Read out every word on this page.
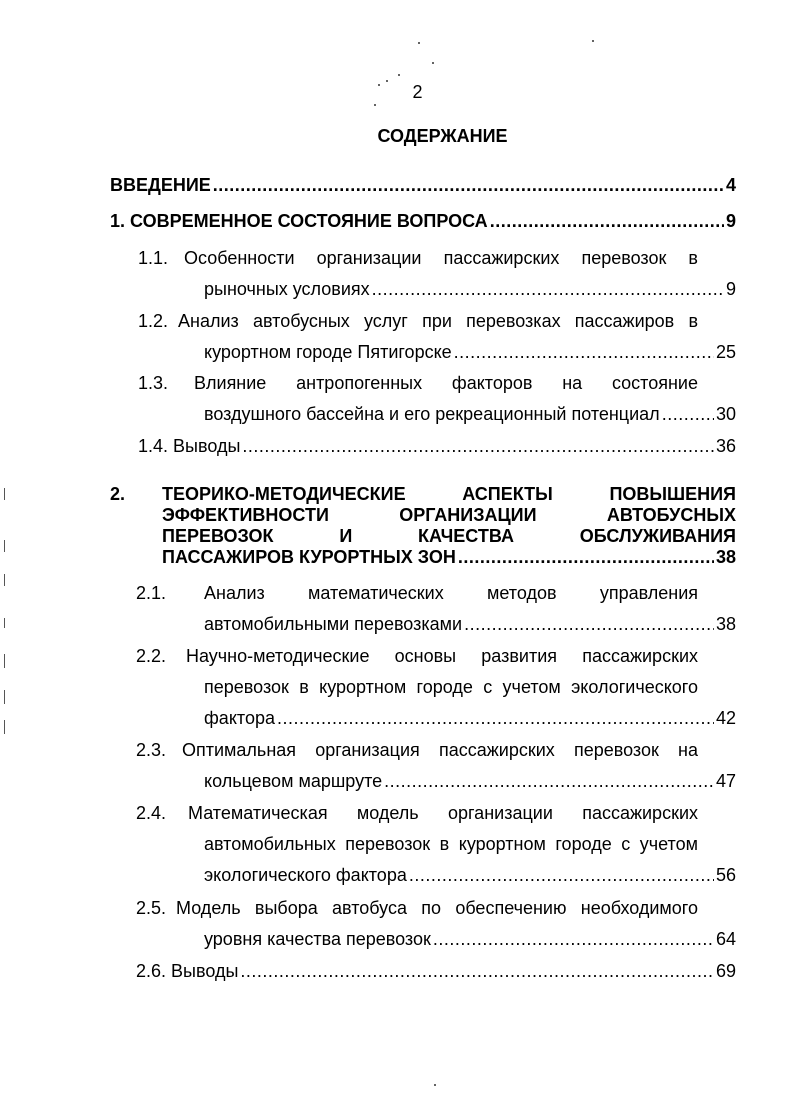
2
СОДЕРЖАНИЕ
ВВЕДЕНИЕ .....	4
1. СОВРЕМЕННОЕ СОСТОЯНИЕ ВОПРОСА .....	9
1.1. Особенности организации пассажирских перевозок в
рыночных условиях .....	9
1.2. Анализ автобусных услуг при перевозках пассажиров в
курортном городе Пятигорске .....	25
1.3.	Влияние антропогенных факторов на состояние
воздушного бассейна и его рекреационный потенциал .....	30
1.4. Выводы .....	36
2. ТЕОРИКО-МЕТОДИЧЕСКИЕ АСПЕКТЫ ПОВЫШЕНИЯ
ЭФФЕКТИВНОСТИ ОРГАНИЗАЦИИ АВТОБУСНЫХ
ПЕРЕВОЗОК И КАЧЕСТВА ОБСЛУЖИВАНИЯ
ПАССАЖИРОВ КУРОРТНЫХ ЗОН .....	38
2.1.	Анализ математических методов управления
автомобильными перевозками .....	38
2.2.	Научно-методические основы развития пассажирских
перевозок в курортном городе с учетом экологического
фактора .....	42
2.3. Оптимальная организация пассажирских перевозок на
кольцевом маршруте .....	47
2.4.	Математическая модель организации пассажирских
автомобильных перевозок в курортном городе с учетом
экологического фактора .....	56
2.5. Модель выбора автобуса по обеспечению необходимого
уровня качества перевозок .....	64
2.6. Выводы .....	69
